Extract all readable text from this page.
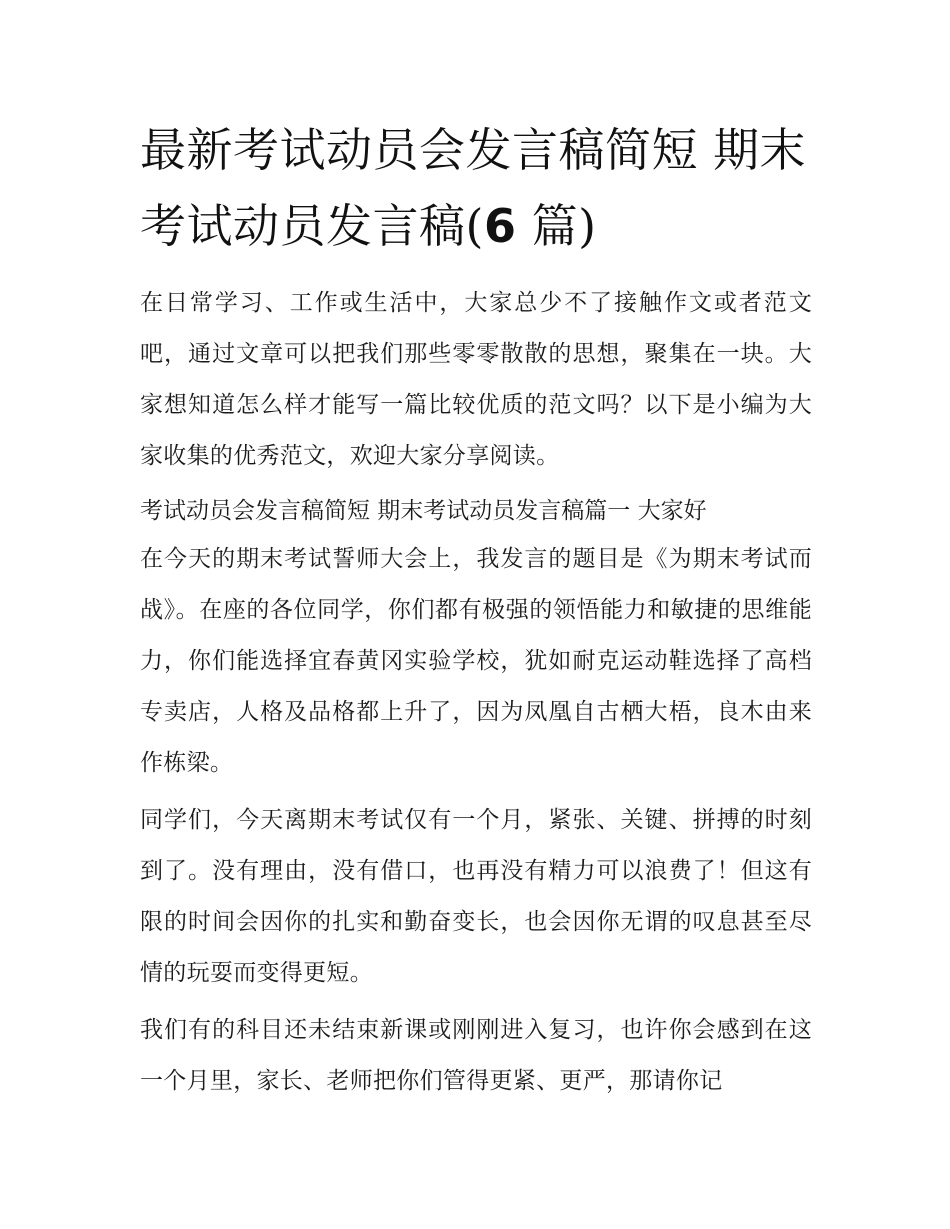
最新考试动员会发言稿简短 期末考试动员发言稿(6 篇)

在日常学习、工作或生活中，大家总少不了接触作文或者范文吧，通过文章可以把我们那些零零散散的思想，聚集在一块。大家想知道怎么样才能写一篇比较优质的范文吗？以下是小编为大家收集的优秀范文，欢迎大家分享阅读。

考试动员会发言稿简短 期末考试动员发言稿篇一 大家好

在今天的期末考试誓师大会上，我发言的题目是《为期末考试而战》。在座的各位同学，你们都有极强的领悟能力和敏捷的思维能力，你们能选择宜春黄冈实验学校，犹如耐克运动鞋选择了高档专卖店，人格及品格都上升了，因为凤凰自古栖大梧，良木由来作栋梁。

同学们，今天离期末考试仅有一个月，紧张、关键、拼搏的时刻到了。没有理由，没有借口，也再没有精力可以浪费了！但这有限的时间会因你的扎实和勤奋变长，也会因你无谓的叹息甚至尽情的玩耍而变得更短。

我们有的科目还未结束新课或刚刚进入复习，也许你会感到在这一个月里，家长、老师把你们管得更紧、更严，那请你记
